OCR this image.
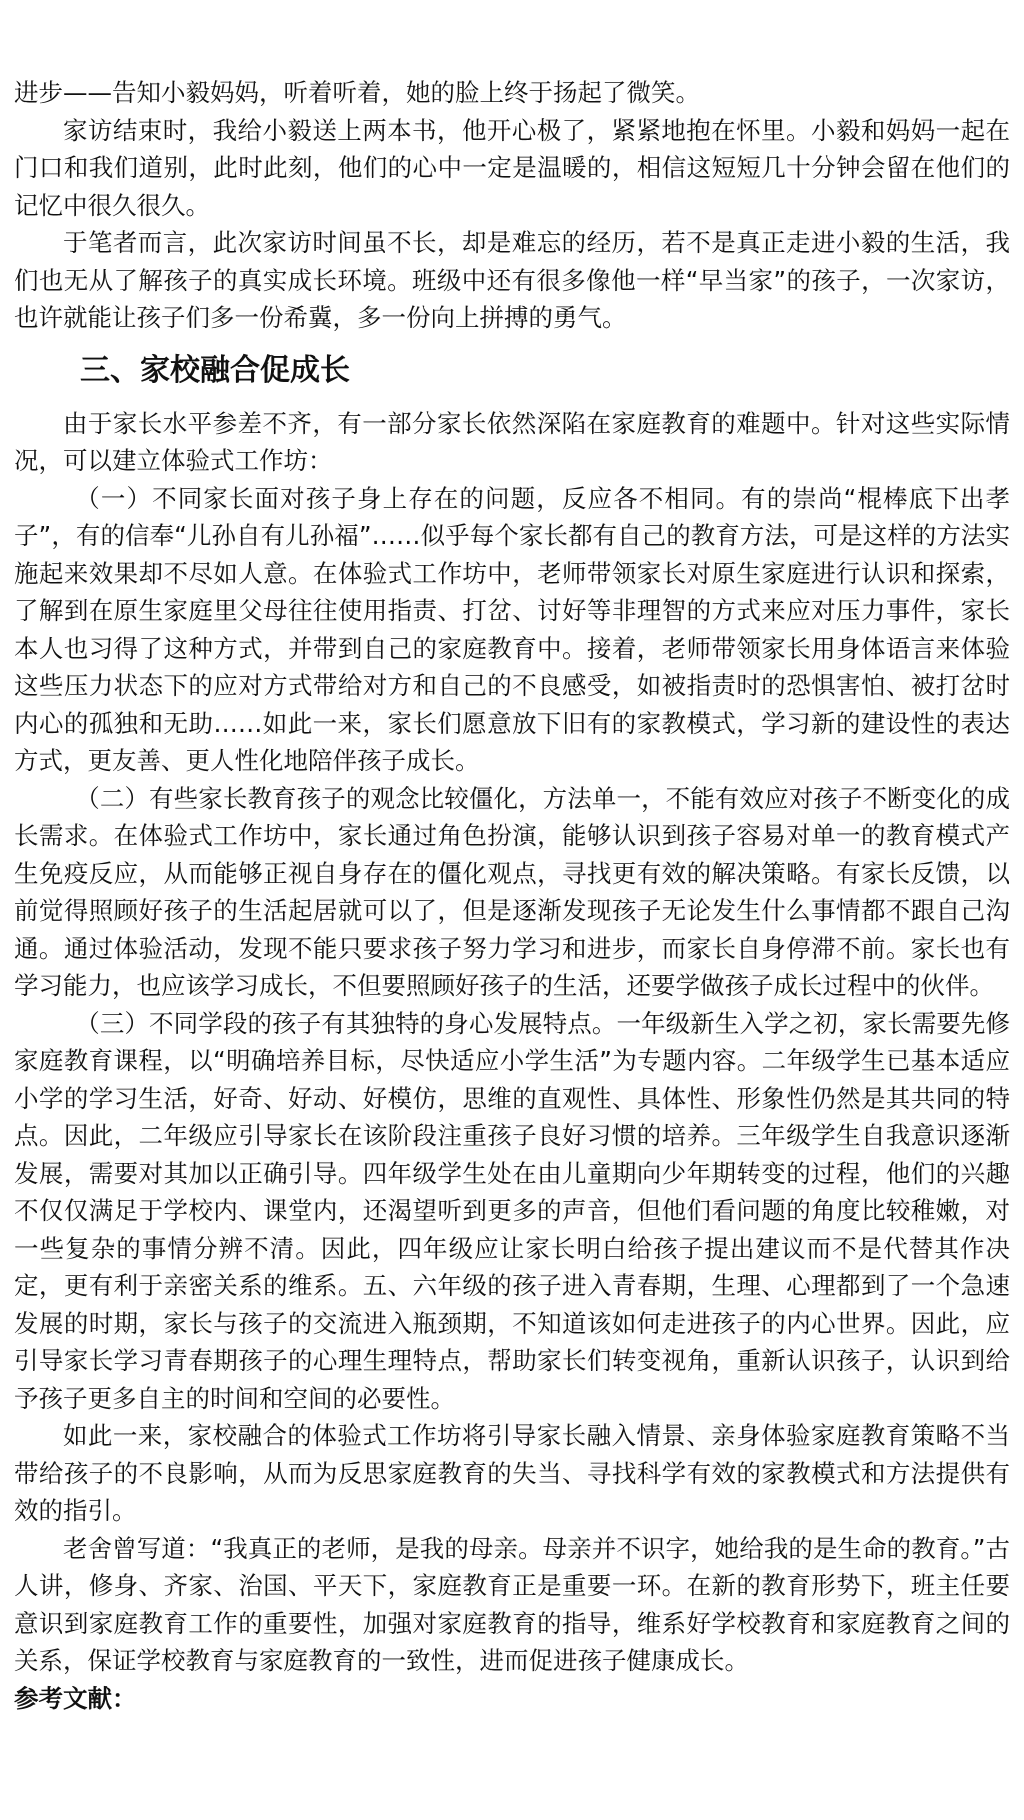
进步——告知小毅妈妈，听着听着，她的脸上终于扬起了微笑。

家访结束时，我给小毅送上两本书，他开心极了，紧紧地抱在怀里。小毅和妈妈一起在门口和我们道别，此时此刻，他们的心中一定是温暖的，相信这短短几十分钟会留在他们的记忆中很久很久。

于笔者而言，此次家访时间虽不长，却是难忘的经历，若不是真正走进小毅的生活，我们也无从了解孩子的真实成长环境。班级中还有很多像他一样“早当家”的孩子，一次家访，也许就能让孩子们多一份希冀，多一份向上拼搏的勇气。

三、家校融合促成长

由于家长水平参差不齐，有一部分家长依然深陷在家庭教育的难题中。针对这些实际情况，可以建立体验式工作坊：

（一）不同家长面对孩子身上存在的问题，反应各不相同。有的崇尚“棍棒底下出孝子”，有的信奉“儿孙自有儿孙福”……似乎每个家长都有自己的教育方法，可是这样的方法实施起来效果却不尽如人意。在体验式工作坊中，老师带领家长对原生家庭进行认识和探索，了解到在原生家庭里父母往往使用指责、打岔、讨好等非理智的方式来应对压力事件，家长本人也习得了这种方式，并带到自己的家庭教育中。接着，老师带领家长用身体语言来体验这些压力状态下的应对方式带给对方和自己的不良感受，如被指责时的恐惧害怕、被打岔时内心的孤独和无助……如此一来，家长们愿意放下旧有的家教模式，学习新的建设性的表达方式，更友善、更人性化地陪伴孩子成长。

（二）有些家长教育孩子的观念比较僵化，方法单一，不能有效应对孩子不断变化的成长需求。在体验式工作坊中，家长通过角色扮演，能够认识到孩子容易对单一的教育模式产生免疫反应，从而能够正视自身存在的僵化观点，寻找更有效的解决策略。有家长反馈，以前觉得照顾好孩子的生活起居就可以了，但是逐渐发现孩子无论发生什么事情都不跟自己沟通。通过体验活动，发现不能只要求孩子努力学习和进步，而家长自身停滞不前。家长也有学习能力，也应该学习成长，不但要照顾好孩子的生活，还要学做孩子成长过程中的伙伴。

（三）不同学段的孩子有其独特的身心发展特点。一年级新生入学之初，家长需要先修家庭教育课程，以“明确培养目标，尽快适应小学生活”为专题内容。二年级学生已基本适应小学的学习生活，好奇、好动、好模仿，思维的直观性、具体性、形象性仍然是其共同的特点。因此，二年级应引导家长在该阶段注重孩子良好习惯的培养。三年级学生自我意识逐渐发展，需要对其加以正确引导。四年级学生处在由儿童期向少年期转变的过程，他们的兴趣不仅仅满足于学校内、课堂内，还渴望听到更多的声音，但他们看问题的角度比较稚嫩，对一些复杂的事情分辨不清。因此，四年级应让家长明白给孩子提出建议而不是代替其作决定，更有利于亲密关系的维系。五、六年级的孩子进入青春期，生理、心理都到了一个急速发展的时期，家长与孩子的交流进入瓶颈期，不知道该如何走进孩子的内心世界。因此，应引导家长学习青春期孩子的心理生理特点，帮助家长们转变视角，重新认识孩子，认识到给予孩子更多自主的时间和空间的必要性。

如此一来，家校融合的体验式工作坊将引导家长融入情景、亲身体验家庭教育策略不当带给孩子的不良影响，从而为反思家庭教育的失当、寻找科学有效的家教模式和方法提供有效的指引。

老舍曾写道：“我真正的老师，是我的母亲。母亲并不识字，她给我的是生命的教育。”古人讲，修身、齐家、治国、平天下，家庭教育正是重要一环。在新的教育形势下，班主任要意识到家庭教育工作的重要性，加强对家庭教育的指导，维系好学校教育和家庭教育之间的关系，保证学校教育与家庭教育的一致性，进而促进孩子健康成长。

参考文献：
